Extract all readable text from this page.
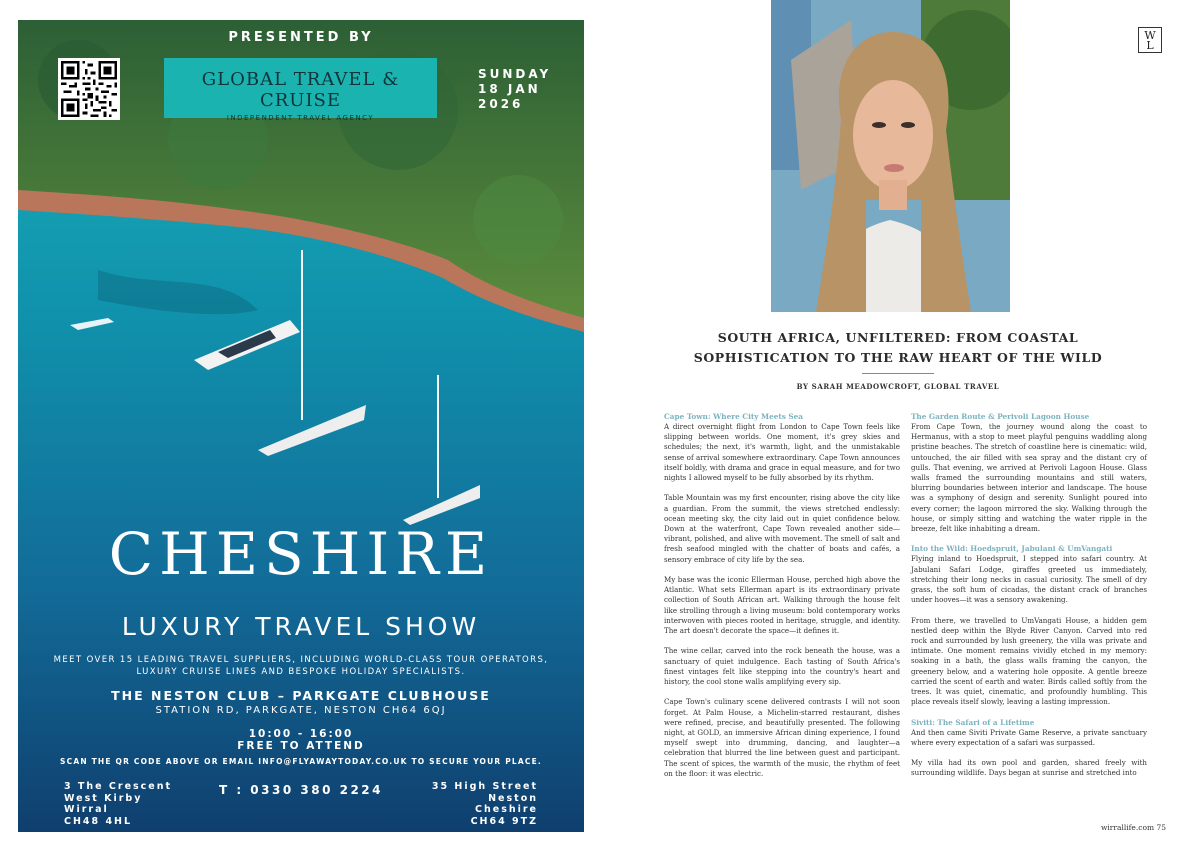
PRESENTED BY
GLOBAL TRAVEL & CRUISE
INDEPENDENT TRAVEL AGENCY
SUNDAY
18 JAN
2026
CHESHIRE
LUXURY TRAVEL SHOW
MEET OVER 15 LEADING TRAVEL SUPPLIERS, INCLUDING WORLD-CLASS TOUR OPERATORS, LUXURY CRUISE LINES AND BESPOKE HOLIDAY SPECIALISTS.
THE NESTON CLUB – PARKGATE CLUBHOUSE
STATION RD, PARKGATE, NESTON CH64 6QJ
10:00 - 16:00
FREE TO ATTEND
SCAN THE QR CODE ABOVE OR EMAIL INFO@FLYAWAYTODAY.CO.UK TO SECURE YOUR PLACE.
3 The Crescent
West Kirby
Wirral
CH48 4HL
T : 0330 380 2224	35 High Street
Neston
Cheshire
CH64 9TZ
W
L
SOUTH AFRICA, UNFILTERED: FROM COASTAL
SOPHISTICATION TO THE RAW HEART OF THE WILD
BY SARAH MEADOWCROFT, GLOBAL TRAVEL
Cape Town: Where City Meets Sea

A direct overnight flight from London to Cape Town feels like slipping between worlds. One moment, it's grey skies and schedules; the next, it's warmth, light, and the unmistakable sense of arrival somewhere extraordinary. Cape Town announces itself boldly, with drama and grace in equal measure, and for two nights I allowed myself to be fully absorbed by its rhythm.

Table Mountain was my first encounter, rising above the city like a guardian. From the summit, the views stretched endlessly: ocean meeting sky, the city laid out in quiet confidence below. Down at the waterfront, Cape Town revealed another side—vibrant, polished, and alive with movement. The smell of salt and fresh seafood mingled with the chatter of boats and cafés, a sensory embrace of city life by the sea.

My base was the iconic Ellerman House, perched high above the Atlantic. What sets Ellerman apart is its extraordinary private collection of South African art. Walking through the house felt like strolling through a living museum: bold contemporary works interwoven with pieces rooted in heritage, struggle, and identity. The art doesn't decorate the space—it defines it.

The wine cellar, carved into the rock beneath the house, was a sanctuary of quiet indulgence. Each tasting of South Africa's finest vintages felt like stepping into the country's heart and history, the cool stone walls amplifying every sip.

Cape Town's culinary scene delivered contrasts I will not soon forget. At Palm House, a Michelin-starred restaurant, dishes were refined, precise, and beautifully presented. The following night, at GOLD, an immersive African dining experience, I found myself swept into drumming, dancing, and laughter—a celebration that blurred the line between guest and participant. The scent of spices, the warmth of the music, the rhythm of feet on the floor: it was electric.

The Garden Route & Perivoli Lagoon House

From Cape Town, the journey wound along the coast to Hermanus, with a stop to meet playful penguins waddling along pristine beaches. The stretch of coastline here is cinematic: wild, untouched, the air filled with sea spray and the distant cry of gulls. That evening, we arrived at Perivoli Lagoon House. Glass walls framed the surrounding mountains and still waters, blurring boundaries between interior and landscape. The house was a symphony of design and serenity. Sunlight poured into every corner; the lagoon mirrored the sky. Walking through the house, or simply sitting and watching the water ripple in the breeze, felt like inhabiting a dream.

Into the Wild: Hoedspruit, Jabulani & UmVangati

Flying inland to Hoedspruit, I stepped into safari country. At Jabulani Safari Lodge, giraffes greeted us immediately, stretching their long necks in casual curiosity. The smell of dry grass, the soft hum of cicadas, the distant crack of branches under hooves—it was a sensory awakening.

From there, we travelled to UmVangati House, a hidden gem nestled deep within the Blyde River Canyon. Carved into red rock and surrounded by lush greenery, the villa was private and intimate. One moment remains vividly etched in my memory: soaking in a bath, the glass walls framing the canyon, the greenery below, and a watering hole opposite. A gentle breeze carried the scent of earth and water. Birds called softly from the trees. It was quiet, cinematic, and profoundly humbling. This place reveals itself slowly, leaving a lasting impression.

Siviti: The Safari of a Lifetime

And then came Siviti Private Game Reserve, a private sanctuary where every expectation of a safari was surpassed.

My villa had its own pool and garden, shared freely with surrounding wildlife. Days began at sunrise and stretched into

wirrallife.com 75
